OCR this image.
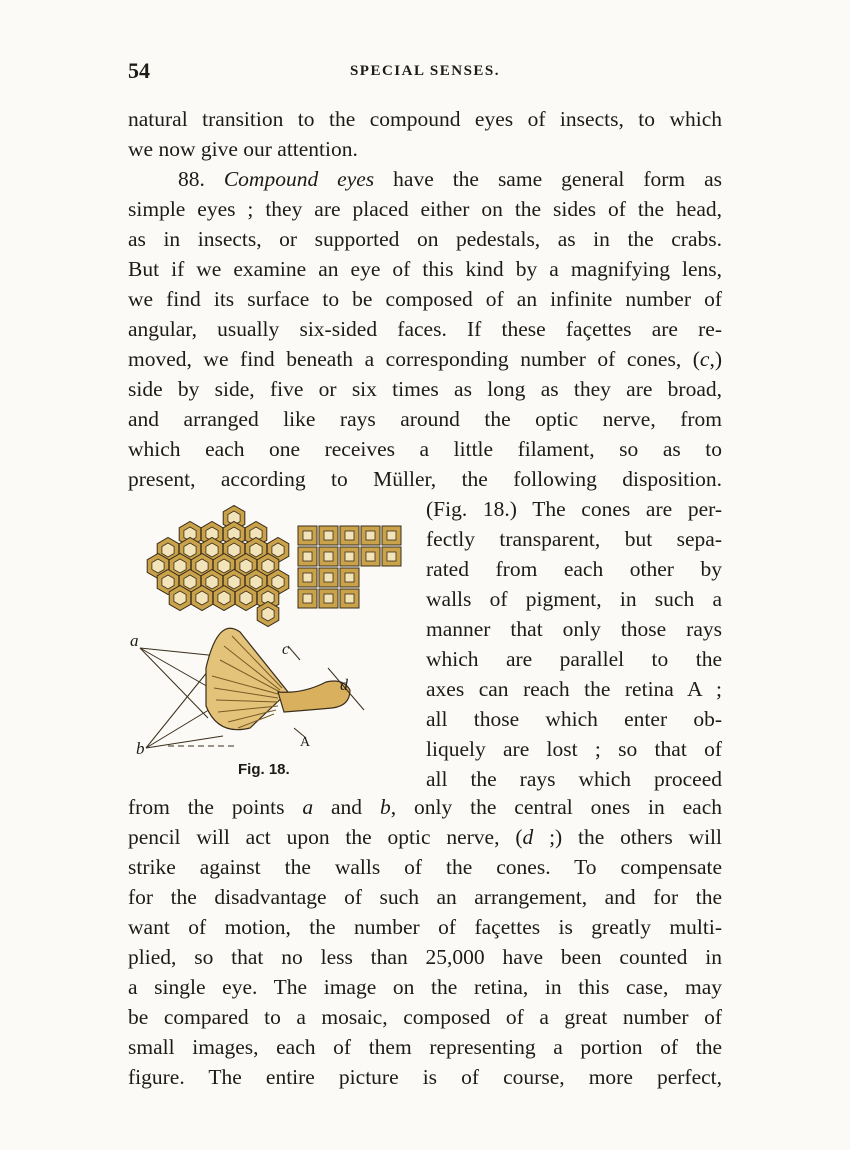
54	SPECIAL SENSES.
natural transition to the compound eyes of insects, to which
we now give our attention.
88. Compound eyes have the same general form as
simple eyes ; they are placed either on the sides of the head,
as in insects, or supported on pedestals, as in the crabs.
But if we examine an eye of this kind by a magnifying lens,
we find its surface to be composed of an infinite number of
angular, usually six-sided faces. If these façettes are re-
moved, we find beneath a corresponding number of cones, (c,)
side by side, five or six times as long as they are broad,
and arranged like rays around the optic nerve, from
which each one receives a little filament, so as to
present, according to Müller, the following disposition.
(Fig. 18.) The cones are per-
fectly transparent, but sepa-
rated from each other by
walls of pigment, in such a
manner that only those rays
which are parallel to the
axes can reach the retina A ;
all those which enter ob-
liquely are lost ; so that of
all the rays which proceed
a
b
c
d
A
Fig. 18.
from the points a and b, only the central ones in each
pencil will act upon the optic nerve, (d ;) the others will
strike against the walls of the cones. To compensate
for the disadvantage of such an arrangement, and for the
want of motion, the number of façettes is greatly multi-
plied, so that no less than 25,000 have been counted in
a single eye. The image on the retina, in this case, may
be compared to a mosaic, composed of a great number of
small images, each of them representing a portion of the
figure. The entire picture is of course, more perfect,
